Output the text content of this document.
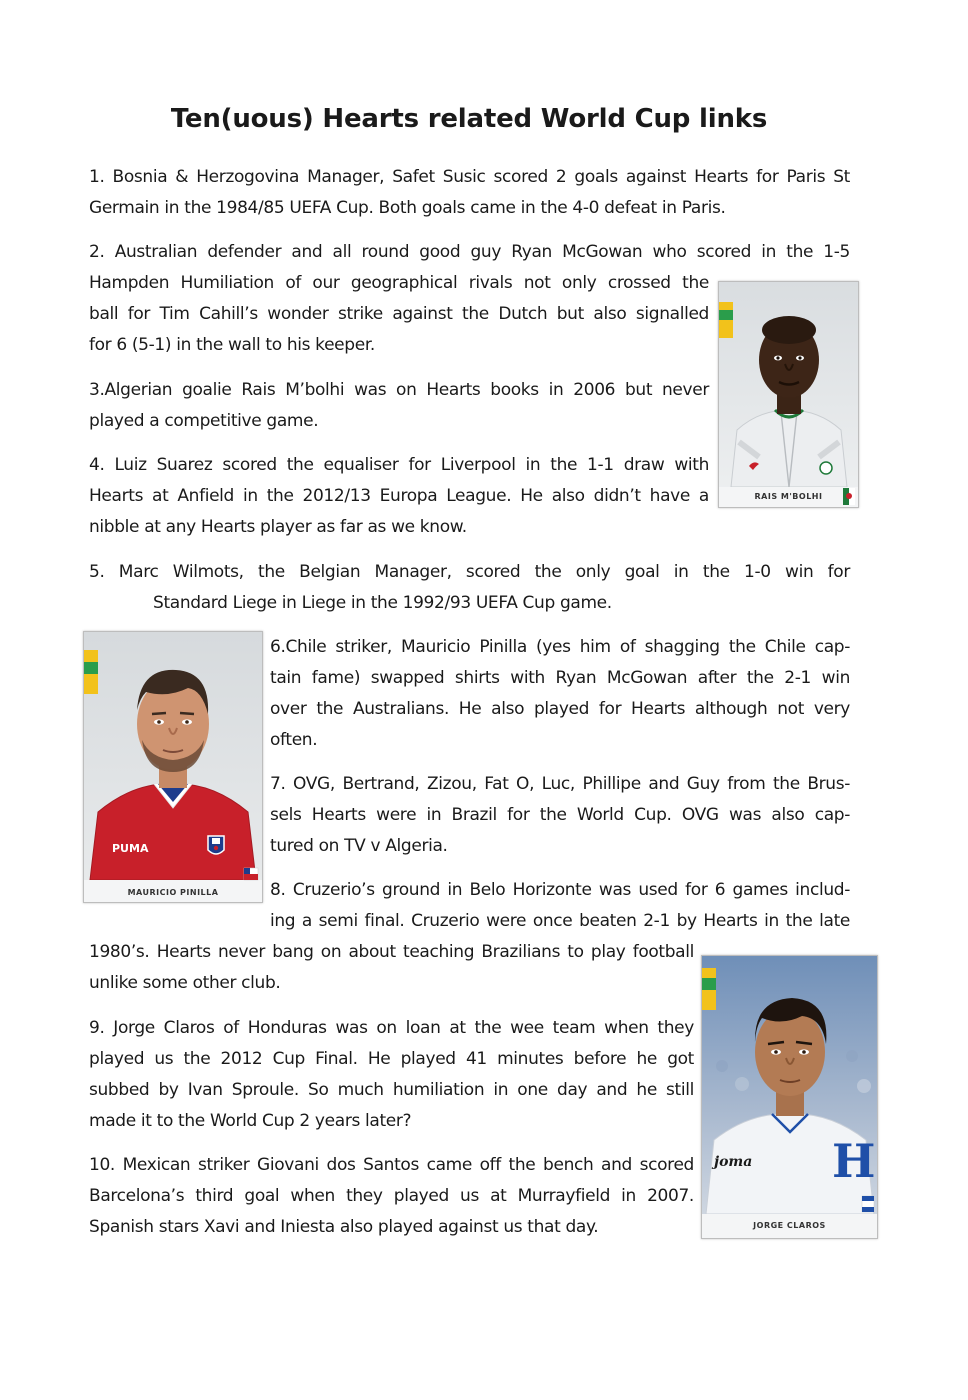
Ten(uous) Hearts related World Cup links
1. Bosnia & Herzogovina Manager, Safet Susic scored 2 goals against Hearts for Paris St
Germain in the 1984/85 UEFA Cup. Both goals came in the 4-0 defeat in Paris.
2. Australian defender and all round good guy Ryan McGowan who scored in the 1-5
Hampden Humiliation of our geographical rivals not only crossed the
ball for Tim Cahill’s wonder strike against the Dutch but also signalled
for 6 (5-1) in the wall to his keeper.
3.Algerian goalie Rais M’bolhi was on Hearts books in 2006 but never
played a competitive game.
4. Luiz Suarez scored the equaliser for Liverpool in the 1-1 draw with
Hearts at Anfield in the 2012/13 Europa League. He also didn’t have a
nibble at any Hearts player as far as we know.
5. Marc Wilmots, the Belgian Manager, scored the only goal in the 1-0 win for
Standard Liege in Liege in the 1992/93 UEFA Cup game.
6.Chile striker, Mauricio Pinilla (yes him of shagging the Chile cap-
tain fame) swapped shirts with Ryan McGowan after the 2-1 win
over the Australians. He also played for Hearts although not very
often.
7. OVG, Bertrand, Zizou, Fat O, Luc, Phillipe and Guy from the Brus-
sels Hearts were in Brazil for the World Cup. OVG was also cap-
tured on TV v Algeria.
8. Cruzerio’s ground in Belo Horizonte was used for 6 games includ-
ing a semi final. Cruzerio were once beaten 2-1 by Hearts in the late
1980’s. Hearts never bang on about teaching Brazilians to play football
unlike some other club.
9. Jorge Claros of Honduras was on loan at the wee team when they
played us the 2012 Cup Final. He played 41 minutes before he got
subbed by Ivan Sproule. So much humiliation in one day and he still
made it to the World Cup 2 years later?
10. Mexican striker Giovani dos Santos came off the bench and scored
Barcelona’s third goal when they played us at Murrayfield in 2007.
Spanish stars Xavi and Iniesta also played against us that day.
RAIS M'BOLHI
PUMA
MAURICIO PINILLA
joma H
JORGE CLAROS
